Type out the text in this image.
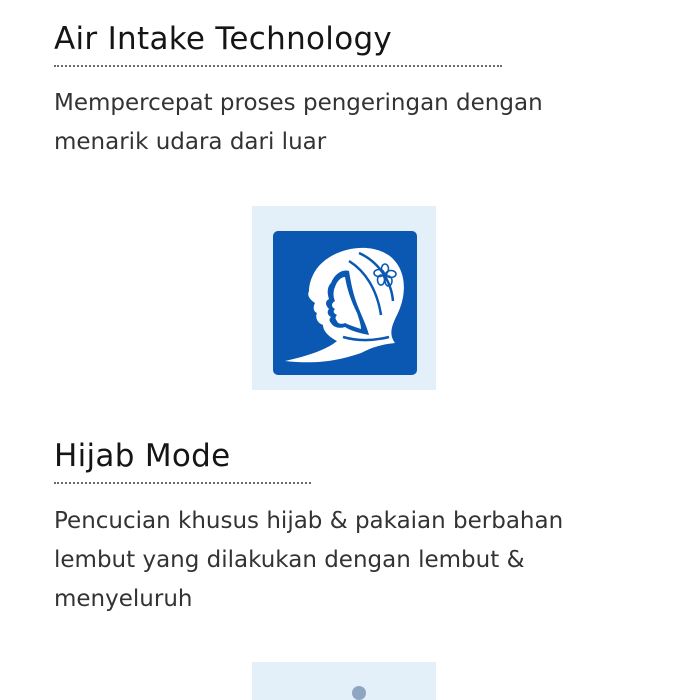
Air Intake Technology

Mempercepat proses pengeringan dengan

menarik udara dari luar

Hijab Mode

Pencucian khusus hijab & pakaian berbahan

lembut yang dilakukan dengan lembut &

menyeluruh
